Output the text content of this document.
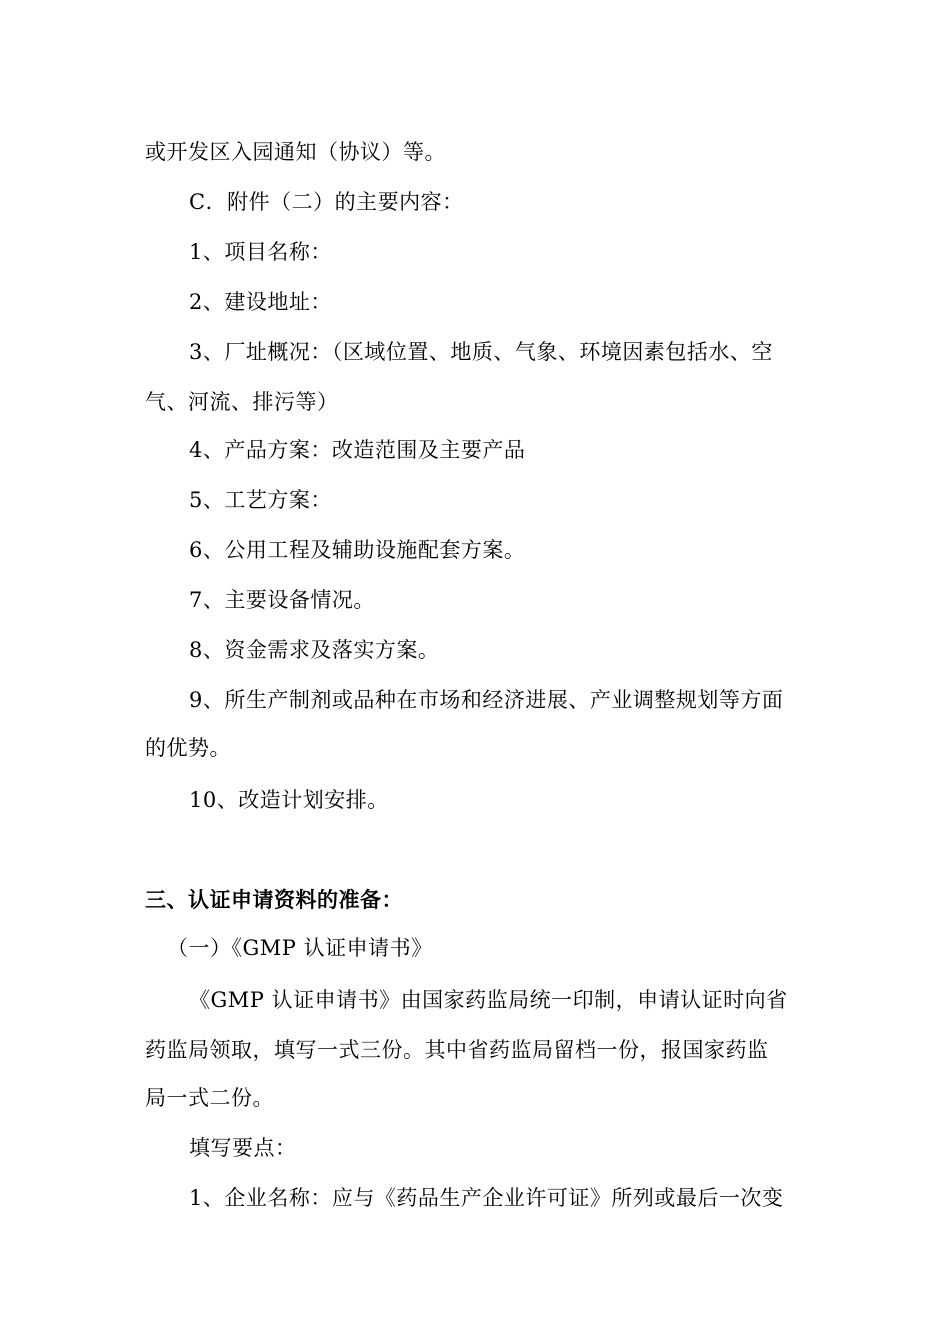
或开发区入园通知（协议）等。
C．附件（二）的主要内容：
1、项目名称：
2、建设地址：
3、厂址概况：（区域位置、地质、气象、环境因素包括水、空
气、河流、排污等）
4、产品方案：改造范围及主要产品
5、工艺方案：
6、公用工程及辅助设施配套方案。
7、主要设备情况。
8、资金需求及落实方案。
9、所生产制剂或品种在市场和经济进展、产业调整规划等方面
的优势。
10、改造计划安排。
三、认证申请资料的准备：
（一）《GMP 认证申请书》
《GMP 认证申请书》由国家药监局统一印制，申请认证时向省
药监局领取，填写一式三份。其中省药监局留档一份，报国家药监
局一式二份。
填写要点：
1、企业名称：应与《药品生产企业许可证》所列或最后一次变
